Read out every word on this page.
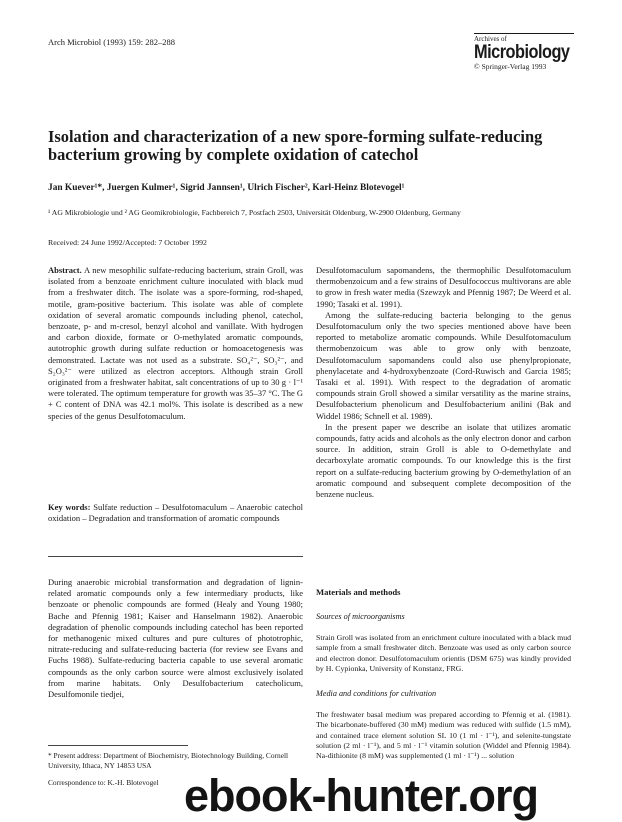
Arch Microbiol (1993) 159: 282–288	Archives of
Microbiology
© Springer-Verlag 1993
Isolation and characterization of a new spore-forming sulfate-reducing bacterium growing by complete oxidation of catechol
Jan Kuever¹*, Juergen Kulmer¹, Sigrid Jannsen¹, Ulrich Fischer², Karl-Heinz Blotevogel¹
¹ AG Mikrobiologie und ² AG Geomikrobiologie, Fachbereich 7, Postfach 2503, Universität Oldenburg, W-2900 Oldenburg, Germany
Received: 24 June 1992/Accepted: 7 October 1992

Abstract. A new mesophilic sulfate-reducing bacterium, strain Groll, was isolated from a benzoate enrichment culture inoculated with black mud from a freshwater ditch. The isolate was a spore-forming, rod-shaped, motile, gram-positive bacterium. This isolate was able of complete oxidation of several aromatic compounds including phenol, catechol, benzoate, p- and m-cresol, benzyl alcohol and vanillate. With hydrogen and carbon dioxide, formate or O-methylated aromatic compounds, autotrophic growth during sulfate reduction or homoacetogenesis was demonstrated. Lactate was not used as a substrate. SO₄²⁻, SO₃²⁻, and S₂O₃²⁻ were utilized as electron acceptors. Although strain Groll originated from a freshwater habitat, salt concentrations of up to 30 g · l⁻¹ were tolerated. The optimum temperature for growth was 35–37 °C. The G + C content of DNA was 42.1 mol%. This isolate is described as a new species of the genus Desulfotomaculum.

Key words: Sulfate reduction – Desulfotomaculum – Anaerobic catechol oxidation – Degradation and transformation of aromatic compounds

During anaerobic microbial transformation and degradation of lignin-related aromatic compounds only a few intermediary products, like benzoate or phenolic compounds are formed (Healy and Young 1980; Bache and Pfennig 1981; Kaiser and Hanselmann 1982). Anaerobic degradation of phenolic compounds including catechol has been reported for methanogenic mixed cultures and pure cultures of phototrophic, nitrate-reducing and sulfate-reducing bacteria (for review see Evans and Fuchs 1988). Sulfate-reducing bacteria capable to use several aromatic compounds as the only carbon source were almost exclusively isolated from marine habitats. Only Desulfobacterium catecholicum, Desulfomonile tiedjei,

Desulfotomaculum sapomandens, the thermophilic Desulfotomaculum thermobenzoicum and a few strains of Desulfococcus multivorans are able to grow in fresh water media (Szewzyk and Pfennig 1987; De Weerd et al. 1990; Tasaki et al. 1991).

Among the sulfate-reducing bacteria belonging to the genus Desulfotomaculum only the two species mentioned above have been reported to metabolize aromatic compounds. While Desulfotomaculum thermobenzoicum was able to grow only with benzoate, Desulfotomaculum sapomandens could also use phenylpropionate, phenylacetate and 4-hydroxybenzoate (Cord-Ruwisch and Garcia 1985; Tasaki et al. 1991). With respect to the degradation of aromatic compounds strain Groll showed a similar versatility as the marine strains, Desulfobacterium phenolicum and Desulfobacterium anilini (Bak and Widdel 1986; Schnell et al. 1989).

In the present paper we describe an isolate that utilizes aromatic compounds, fatty acids and alcohols as the only electron donor and carbon source. In addition, strain Groll is able to O-demethylate and decarboxylate aromatic compounds. To our knowledge this is the first report on a sulfate-reducing bacterium growing by O-demethylation of an aromatic compound and subsequent complete decomposition of the benzene nucleus.

Materials and methods
Sources of microorganisms

Strain Groll was isolated from an enrichment culture inoculated with a black mud sample from a small freshwater ditch. Benzoate was used as only carbon source and electron donor. Desulfotomaculum orientis (DSM 675) was kindly provided by H. Cypionka, University of Konstanz, FRG.

Media and conditions for cultivation

The freshwater basal medium was prepared according to Pfennig et al. (1981). The bicarbonate-buffered (30 mM) medium was reduced with sulfide (1.5 mM), and contained trace element solution SL 10 (1 ml · l⁻¹), and selenite-tungstate solution (2 ml · l⁻¹), and 5 ml · l⁻¹ vitamin solution (Widdel and Pfennig 1984). Na-dithionite (8 mM) was supplemented (1 ml · l⁻¹) ... solution

* Present address: Department of Biochemistry, Biotechnology Building, Cornell University, Ithaca, NY 14853 USA
Correspondence to: K.-H. Blotevogel ebook-hunter.org
